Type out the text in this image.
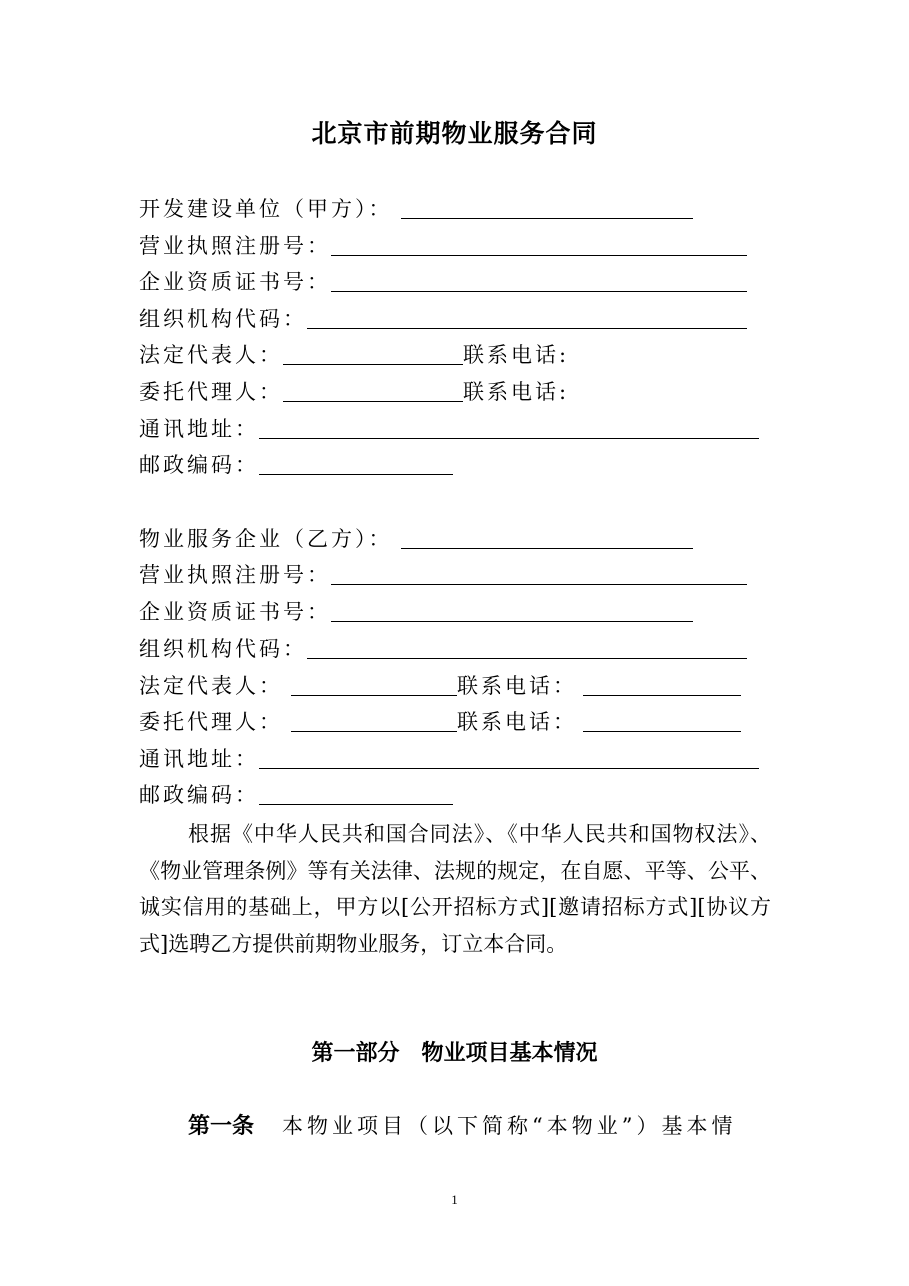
北京市前期物业服务合同
开发建设单位（甲方）：
营业执照注册号：
企业资质证书号：
组织机构代码：
法定代表人：	联系电话:
委托代理人：	联系电话:
通讯地址：
邮政编码：
物业服务企业（乙方）：
营业执照注册号：
企业资质证书号：
组织机构代码：
法定代表人：	联系电话：
委托代理人：	联系电话：
通讯地址：
邮政编码：
根据《中华人民共和国合同法》、《中华人民共和国物权法》、《物业管理条例》等有关法律、法规的规定，在自愿、平等、公平、诚实信用的基础上，甲方以[公开招标方式][邀请招标方式][协议方式]选聘乙方提供前期物业服务，订立本合同。
第一部分 物业项目基本情况
第一条 本物业项目（以下简称“本物业”）基本情
1
